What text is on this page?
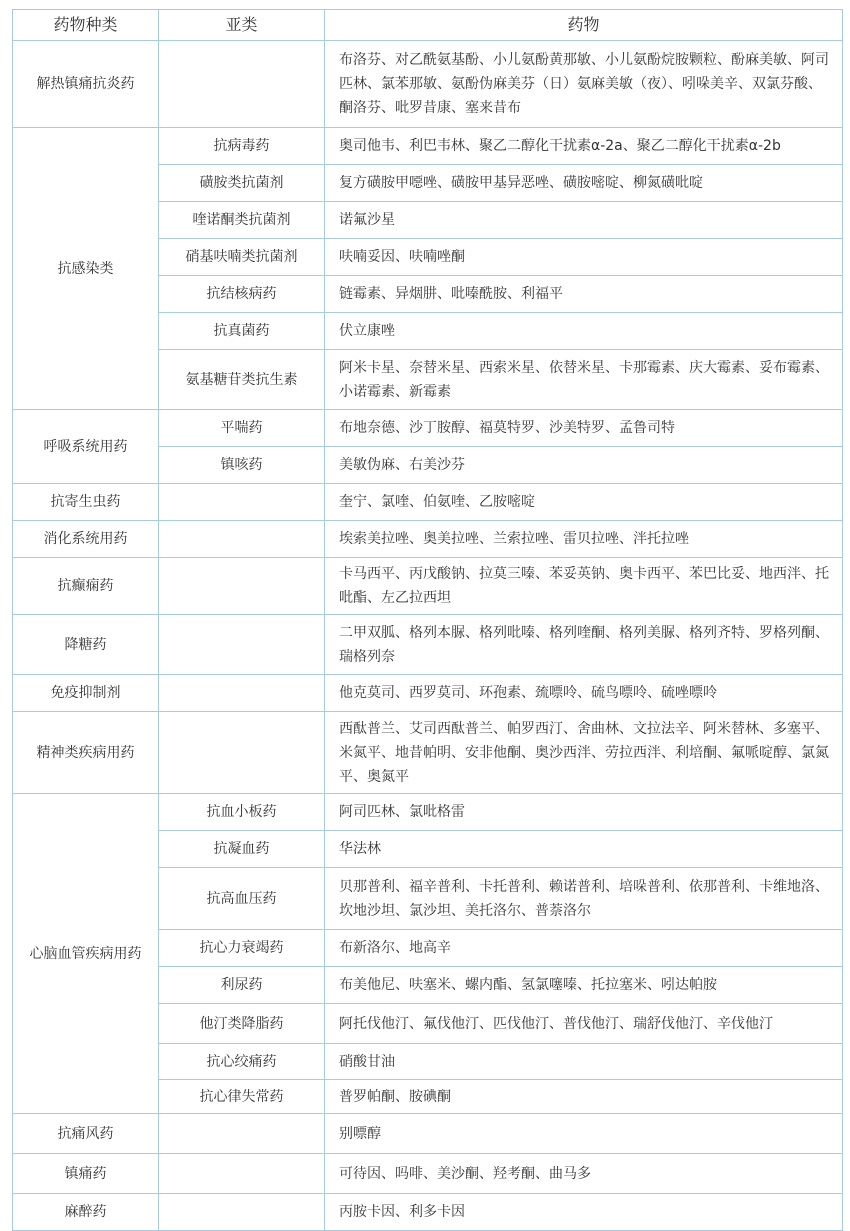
药物种类	亚类	药物
解热镇痛抗炎药		布洛芬、对乙酰氨基酚、小儿氨酚黄那敏、小儿氨酚烷胺颗粒、酚麻美敏、阿司匹林、氯苯那敏、氨酚伪麻美芬（日）氨麻美敏（夜）、吲哚美辛、双氯芬酸、酮洛芬、吡罗昔康、塞来昔布
抗感染类	抗病毒药	奥司他韦、利巴韦林、聚乙二醇化干扰素α-2a、聚乙二醇化干扰素α-2b
	磺胺类抗菌剂	复方磺胺甲噁唑、磺胺甲基异恶唑、磺胺嘧啶、柳氮磺吡啶
	喹诺酮类抗菌剂	诺氟沙星
	硝基呋喃类抗菌剂	呋喃妥因、呋喃唑酮
	抗结核病药	链霉素、异烟肼、吡嗪酰胺、利福平
	抗真菌药	伏立康唑
	氨基糖苷类抗生素	阿米卡星、奈替米星、西索米星、依替米星、卡那霉素、庆大霉素、妥布霉素、小诺霉素、新霉素
呼吸系统用药	平喘药	布地奈德、沙丁胺醇、福莫特罗、沙美特罗、孟鲁司特
	镇咳药	美敏伪麻、右美沙芬
抗寄生虫药		奎宁、氯喹、伯氨喹、乙胺嘧啶
消化系统用药		埃索美拉唑、奥美拉唑、兰索拉唑、雷贝拉唑、泮托拉唑
抗癫痫药		卡马西平、丙戊酸钠、拉莫三嗪、苯妥英钠、奥卡西平、苯巴比妥、地西泮、托吡酯、左乙拉西坦
降糖药		二甲双胍、格列本脲、格列吡嗪、格列喹酮、格列美脲、格列齐特、罗格列酮、瑞格列奈
免疫抑制剂		他克莫司、西罗莫司、环孢素、巯嘌呤、硫鸟嘌呤、硫唑嘌呤
精神类疾病用药		西酞普兰、艾司西酞普兰、帕罗西汀、舍曲林、文拉法辛、阿米替林、多塞平、米氮平、地昔帕明、安非他酮、奥沙西泮、劳拉西泮、利培酮、氟哌啶醇、氯氮平、奥氮平
心脑血管疾病用药	抗血小板药	阿司匹林、氯吡格雷
	抗凝血药	华法林
	抗高血压药	贝那普利、福辛普利、卡托普利、赖诺普利、培哚普利、依那普利、卡维地洛、坎地沙坦、氯沙坦、美托洛尔、普萘洛尔
	抗心力衰竭药	布新洛尔、地高辛
	利尿药	布美他尼、呋塞米、螺内酯、氢氯噻嗪、托拉塞米、吲达帕胺
	他汀类降脂药	阿托伐他汀、氟伐他汀、匹伐他汀、普伐他汀、瑞舒伐他汀、辛伐他汀
	抗心绞痛药	硝酸甘油
	抗心律失常药	普罗帕酮、胺碘酮
抗痛风药		别嘌醇
镇痛药		可待因、吗啡、美沙酮、羟考酮、曲马多
麻醉药		丙胺卡因、利多卡因
